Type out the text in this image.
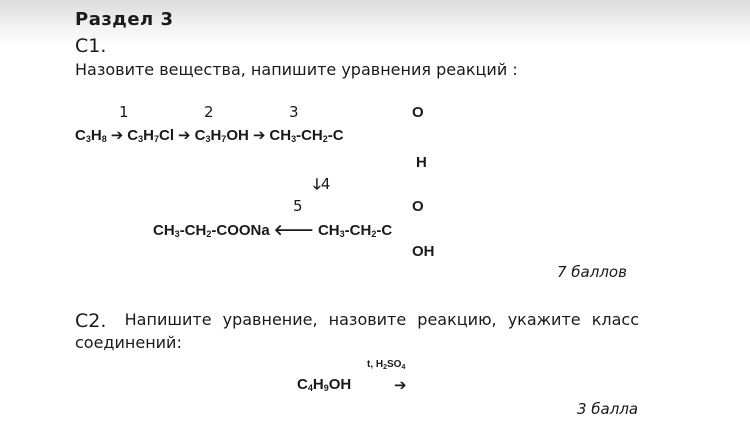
Раздел 3
С1.
Назовите вещества, напишите уравнения реакций :
1	2	3	O
$C_3H_8$ ➔ $C_3H_7Cl$ ➔ $C_3H_7OH$ ➔ $CH_3-CH_2-C$
H
🡓4
5	O
$CH_3-CH_2$-COONa 🡐 $CH_3-CH_2-C$
OH
7 баллов
С2. Напишите уравнение, назовите реакцию, укажите класс
соединений:
t, $H_2SO_4$
$C_4H_9OH$	➔
3 балла
